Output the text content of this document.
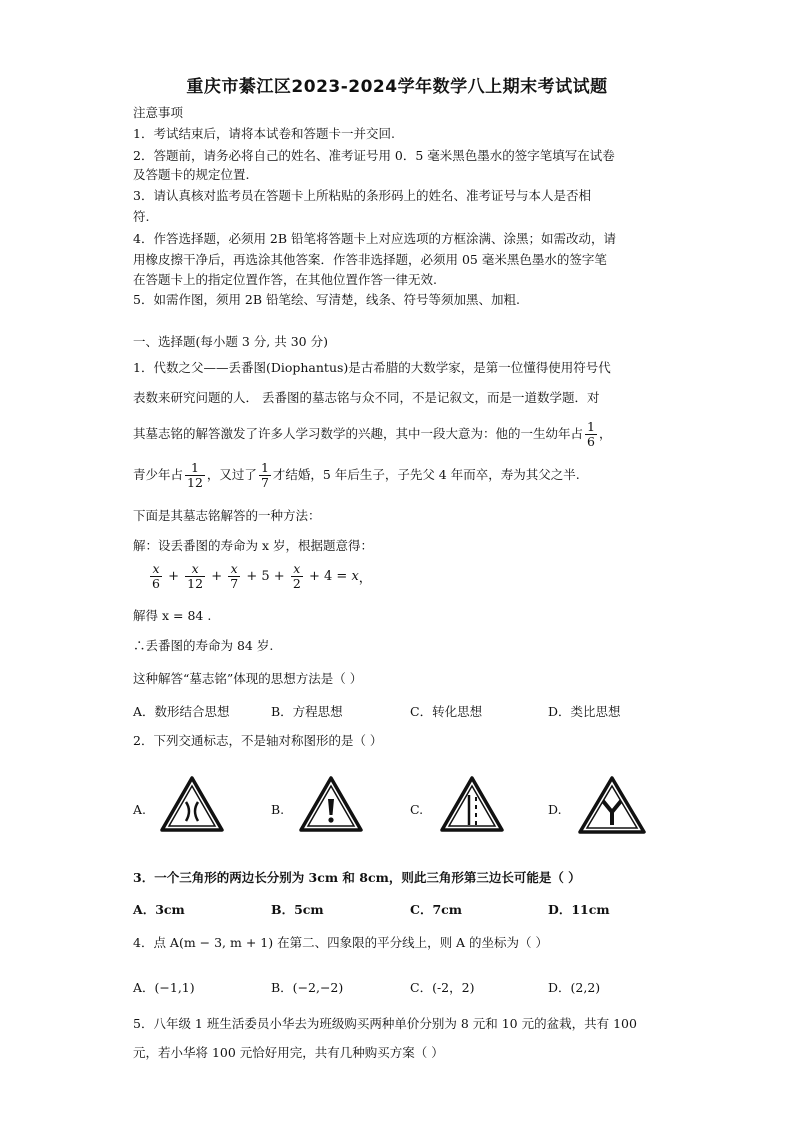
重庆市綦江区2023-2024学年数学八上期末考试试题
注意事项
1．考试结束后，请将本试卷和答题卡一并交回.
2．答题前，请务必将自己的姓名、准考证号用 0．5 毫米黑色墨水的签字笔填写在试卷
及答题卡的规定位置.
3．请认真核对监考员在答题卡上所粘贴的条形码上的姓名、准考证号与本人是否相
符.
4．作答选择题，必须用 2B 铅笔将答题卡上对应选项的方框涂满、涂黑；如需改动，请
用橡皮擦干净后，再选涂其他答案．作答非选择题，必须用 05 毫米黑色墨水的签字笔
在答题卡上的指定位置作答，在其他位置作答一律无效.
5．如需作图，须用 2B 铅笔绘、写清楚，线条、符号等须加黑、加粗.
一、选择题(每小题 3 分, 共 30 分)
1．代数之父——丢番图(Diophantus)是古希腊的大数学家，是第一位懂得使用符号代
表数来研究问题的人． 丢番图的墓志铭与众不同，不是记叙文，而是一道数学题．对
其墓志铭的解答激发了许多人学习数学的兴趣，其中一段大意为：他的一生幼年占 $\frac{1}{6}$ ，
青少年占 $\frac{1}{12}$ ，又过了 $\frac{1}{7}$ 才结婚，5 年后生子，子先父 4 年而卒，寿为其父之半.
下面是其墓志铭解答的一种方法：
解：设丢番图的寿命为 x 岁，根据题意得：
$\frac{x}{6} + \frac{x}{12} + \frac{x}{7} + 5 + \frac{x}{2} + 4 = x$，
解得 x = 84 .
∴丢番图的寿命为 84 岁.
这种解答“墓志铭”体现的思想方法是（ ）
A．数形结合思想	B．方程思想	C．转化思想	D．类比思想
2．下列交通标志，不是轴对称图形的是（ ）
A.	B.	C.	D.
3．一个三角形的两边长分别为 3cm 和 8cm，则此三角形第三边长可能是（ ）
A．3cm	B．5cm	C．7cm	D．11cm
4．点 A(m − 3, m + 1) 在第二、四象限的平分线上，则 A 的坐标为（ ）
A．(−1,1)	B．(−2,−2)	C．(-2，2)	D．(2,2)
5．八年级 1 班生活委员小华去为班级购买两种单价分别为 8 元和 10 元的盆栽，共有 100
元，若小华将 100 元恰好用完，共有几种购买方案（ ）
